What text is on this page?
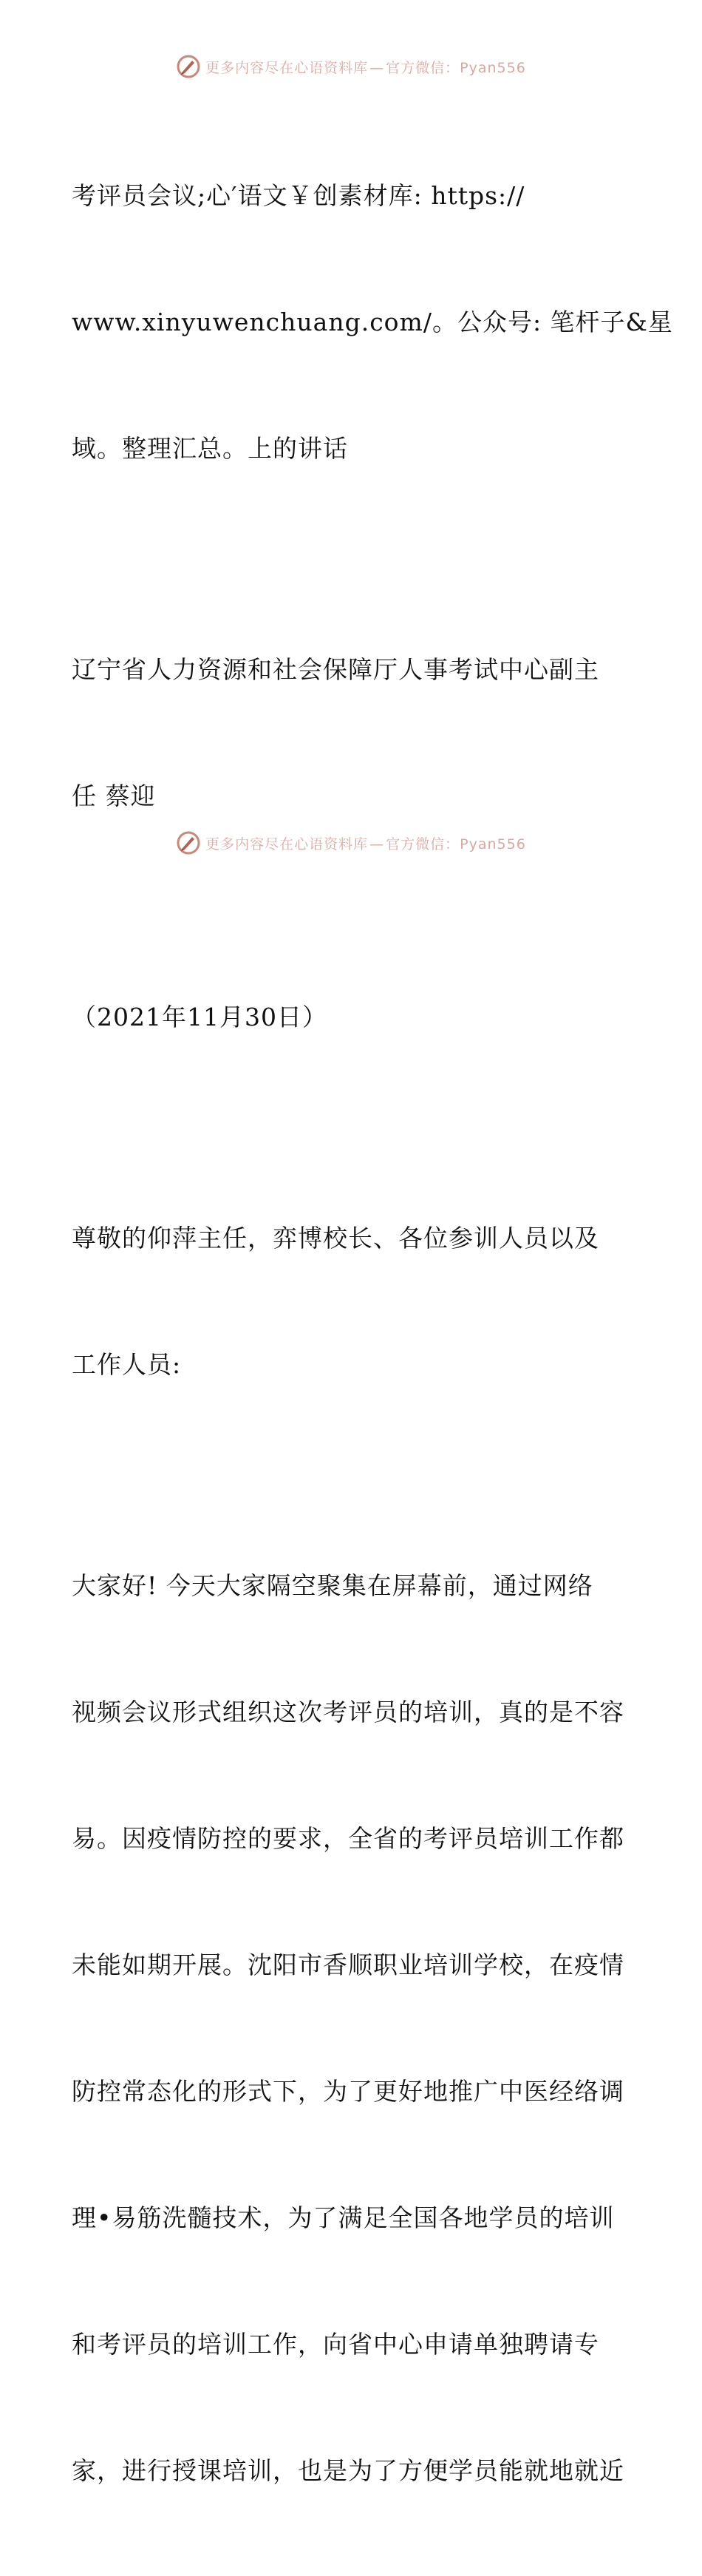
更多内容尽在心语资料库 — 官方微信：Pyan556

考评员会议;心′语文￥创素材库: https://

www.xinyuwenchuang.com/。公众号: 笔杆子&星

域。整理汇总。上的讲话

辽宁省人力资源和社会保障厅人事考试中心副主

任 蔡迎

（2021年11月30日）

尊敬的仰萍主任，弈博校长、各位参训人员以及

工作人员:

大家好! 今天大家隔空聚集在屏幕前，通过网络

视频会议形式组织这次考评员的培训，真的是不容

易。因疫情防控的要求，全省的考评员培训工作都

未能如期开展。沈阳市香顺职业培训学校，在疫情

防控常态化的形式下，为了更好地推广中医经络调

理•易筋洗髓技术，为了满足全国各地学员的培训

和考评员的培训工作，向省中心申请单独聘请专

家，进行授课培训，也是为了方便学员能就地就近

更多内容尽在心语资料库 — 官方微信：Pyan556
